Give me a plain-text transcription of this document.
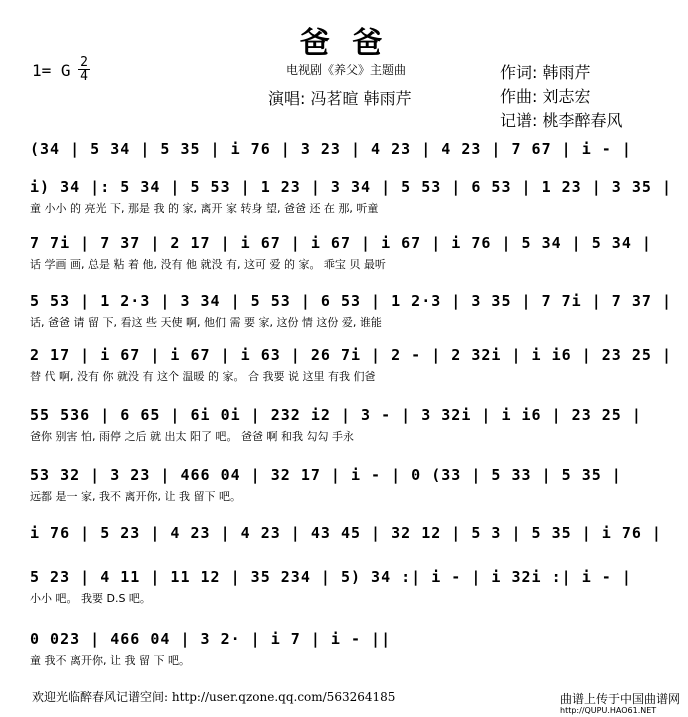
爸 爸
1= G $\frac{2}{4}$	电视剧《养父》主题曲
演唱: 冯茗暄 韩雨芹
作词: 韩雨芹
作曲: 刘志宏
记谱: 桃李醉春风
(34 | 5 34 | 5 35 | i 76 | 3 23 | 4 23 | 4 23 | 7 67 | i - |
i) 34 |: 5 34 | 5 53 | 1 23 | 3 34 | 5 53 | 6 53 | 1 23 | 3 35 |
童 小小 的 亮光 下, 那是 我 的 家, 离开 家 转身 望, 爸爸 还 在 那, 听童
7 7i | 7 37 | 2 17 | i 67 | i 67 | i 67 | i 76 | 5 34 | 5 34 |
话 学画 画, 总是 粘 着 他, 没有 他 就没 有, 这可 爱 的 家。 乖宝 贝 最听
5 53 | 1 2·3 | 3 34 | 5 53 | 6 53 | 1 2·3 | 3 35 | 7 7i | 7 37 |
话, 爸爸 请 留 下, 看这 些 天使 啊, 他们 需 要 家, 这份 情 这份 爱, 谁能
2 17 | i 67 | i 67 | i 63 | 26 7i | 2 - | 2 32i | i i6 | 23 25 |
替 代 啊, 没有 你 就没 有 这个 温暖 的 家。 合 我要 说 这里 有我 们爸
55 536 | 6 65 | 6i 0i | 232 i2 | 3 - | 3 32i | i i6 | 23 25 |
爸你 别害 怕, 雨停 之后 就 出太 阳了 吧。 爸爸 啊 和我 勾勾 手永
53 32 | 3 23 | 466 04 | 32 17 | i - | 0 (33 | 5 33 | 5 35 |
远都 是一 家, 我不 离开你, 让 我 留下 吧。
i 76 | 5 23 | 4 23 | 4 23 | 43 45 | 32 12 | 5 3 | 5 35 | i 76 |
5 23 | 4 11 | 11 12 | 35 234 | 5) 34 :| i - | i 32i :| i - |
小小 吧。 我要 D.S 吧。
0 023 | 466 04 | 3 2· | i 7 | i - ||
童 我不 离开你, 让 我 留 下 吧。
欢迎光临醉春风记谱空间: http://user.qzone.qq.com/563264185	曲谱上传于中国曲谱网
http://QUPU.HAO61.NET
